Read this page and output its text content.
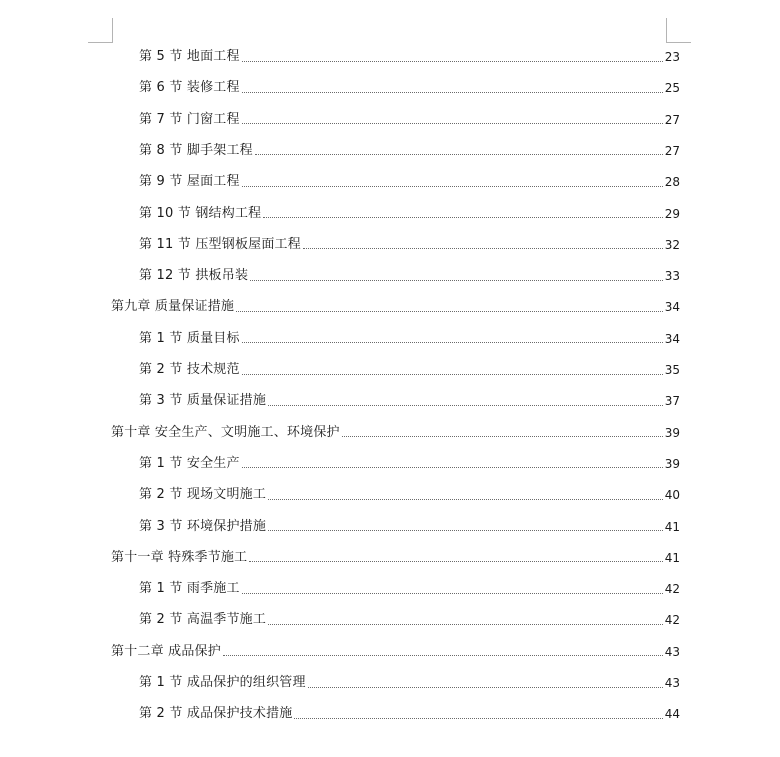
第 5 节 地面工程	23
第 6 节 装修工程	25
第 7 节 门窗工程	27
第 8 节 脚手架工程	27
第 9 节 屋面工程	28
第 10 节 钢结构工程	29
第 11 节 压型钢板屋面工程	32
第 12 节 拱板吊装	33
第九章 质量保证措施	34
第 1 节 质量目标	34
第 2 节 技术规范	35
第 3 节 质量保证措施	37
第十章 安全生产、文明施工、环境保护	39
第 1 节 安全生产	39
第 2 节 现场文明施工	40
第 3 节 环境保护措施	41
第十一章 特殊季节施工	41
第 1 节 雨季施工	42
第 2 节 高温季节施工	42
第十二章 成品保护	43
第 1 节 成品保护的组织管理	43
第 2 节 成品保护技术措施	44
